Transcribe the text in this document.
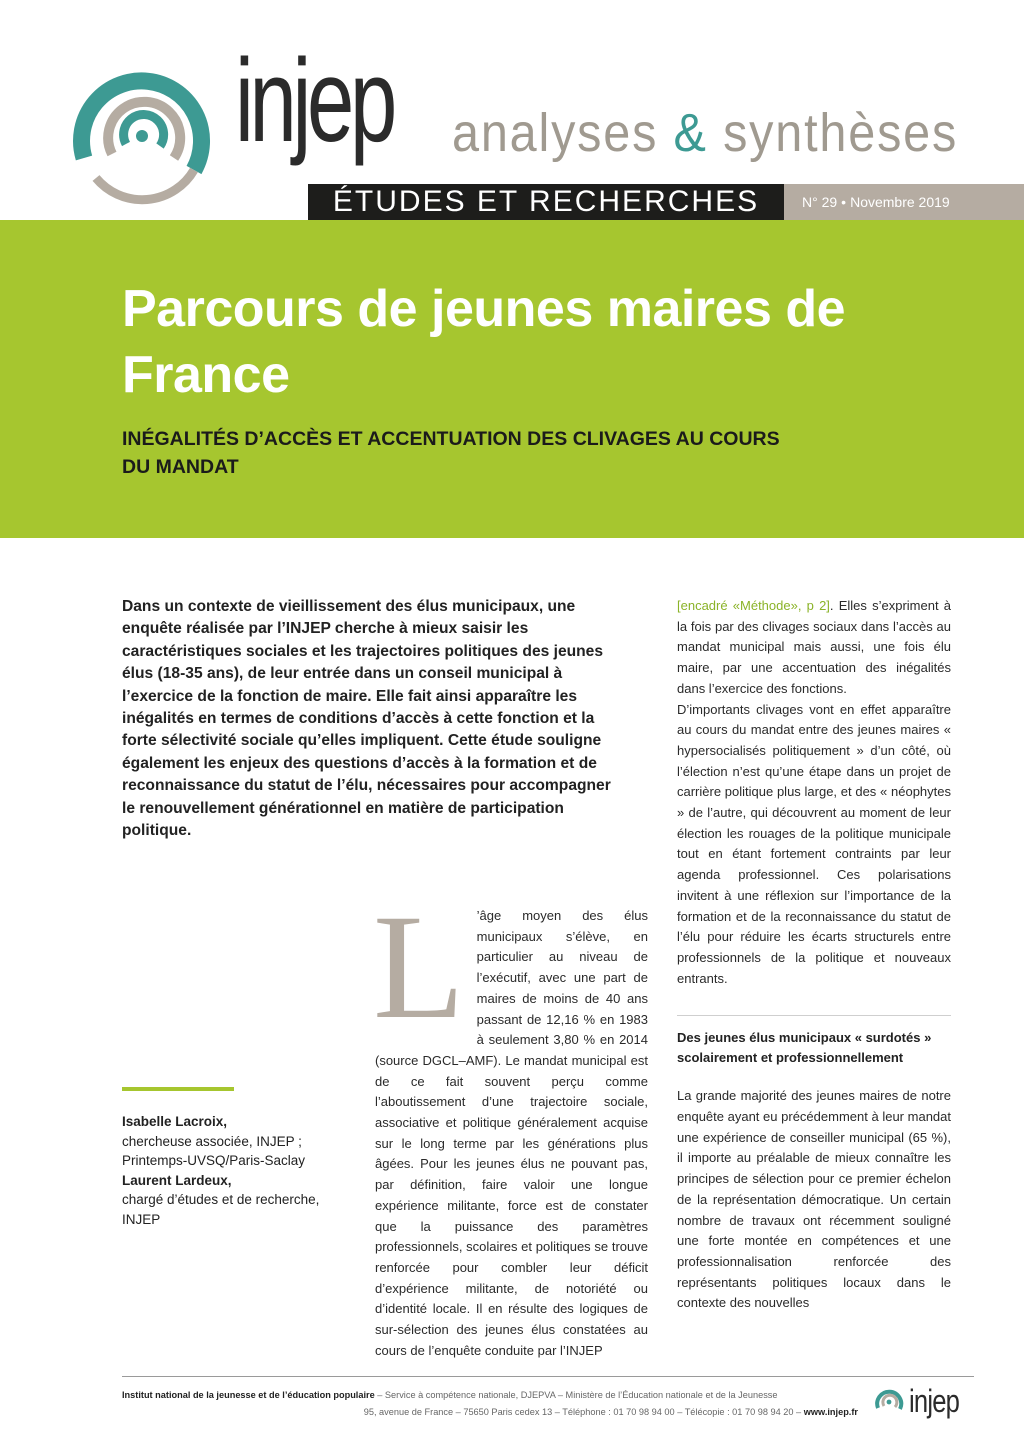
injep analyses & synthèses
ÉTUDES ET RECHERCHES	N° 29 • Novembre 2019
Parcours de jeunes maires de France
INÉGALITÉS D’ACCÈS ET ACCENTUATION DES CLIVAGES AU COURS DU MANDAT

Dans un contexte de vieillissement des élus municipaux, une enquête réalisée par l’INJEP cherche à mieux saisir les caractéristiques sociales et les trajectoires politiques des jeunes élus (18-35 ans), de leur entrée dans un conseil municipal à l’exercice de la fonction de maire. Elle fait ainsi apparaître les inégalités en termes de conditions d’accès à cette fonction et la forte sélectivité sociale qu’elles impliquent. Cette étude souligne également les enjeux des questions d’accès à la formation et de reconnaissance du statut de l’élu, nécessaires pour accompagner le renouvellement générationnel en matière de participation politique.

Isabelle Lacroix,
chercheuse associée, INJEP ; Printemps-UVSQ/Paris-Saclay
Laurent Lardeux,
chargé d’études et de recherche, INJEP
L ’âge moyen des élus municipaux s’élève, en particulier au niveau de l’exécutif, avec une part de maires de moins de 40 ans passant de 12,16 % en 1983 à seulement 3,80 % en 2014 (source DGCL–AMF). Le mandat municipal est de ce fait souvent perçu comme l’aboutissement d’une trajectoire sociale, associative et politique généralement acquise sur le long terme par les générations plus âgées. Pour les jeunes élus ne pouvant pas, par définition, faire valoir une longue expérience militante, force est de constater que la puissance des paramètres professionnels, scolaires et politiques se trouve renforcée pour combler leur déficit d’expérience militante, de notoriété ou d’identité locale. Il en résulte des logiques de sur-sélection des jeunes élus constatées au cours de l’enquête conduite par l’INJEP

[encadré «Méthode», p 2]. Elles s’expriment à la fois par des clivages sociaux dans l’accès au mandat municipal mais aussi, une fois élu maire, par une accentuation des inégalités dans l’exercice des fonctions.

D’importants clivages vont en effet apparaître au cours du mandat entre des jeunes maires « hypersocialisés politiquement » d’un côté, où l’élection n’est qu’une étape dans un projet de carrière politique plus large, et des « néophytes » de l’autre, qui découvrent au moment de leur élection les rouages de la politique municipale tout en étant fortement contraints par leur agenda professionnel. Ces polarisations invitent à une réflexion sur l’importance de la formation et de la reconnaissance du statut de l’élu pour réduire les écarts structurels entre professionnels de la politique et nouveaux entrants.

Des jeunes élus municipaux « surdotés » scolairement et professionnellement

La grande majorité des jeunes maires de notre enquête ayant eu précédemment à leur mandat une expérience de conseiller municipal (65 %), il importe au préalable de mieux connaître les principes de sélection pour ce premier échelon de la représentation démocratique. Un certain nombre de travaux ont récemment souligné une forte montée en compétences et une professionnalisation renforcée des représentants politiques locaux dans le contexte des nouvelles

Institut national de la jeunesse et de l’éducation populaire – Service à compétence nationale, DJEPVA – Ministère de l’Éducation nationale et de la Jeunesse
95, avenue de France – 75650 Paris cedex 13 – Téléphone : 01 70 98 94 00 – Télécopie : 01 70 98 94 20 – www.injep.fr injep
